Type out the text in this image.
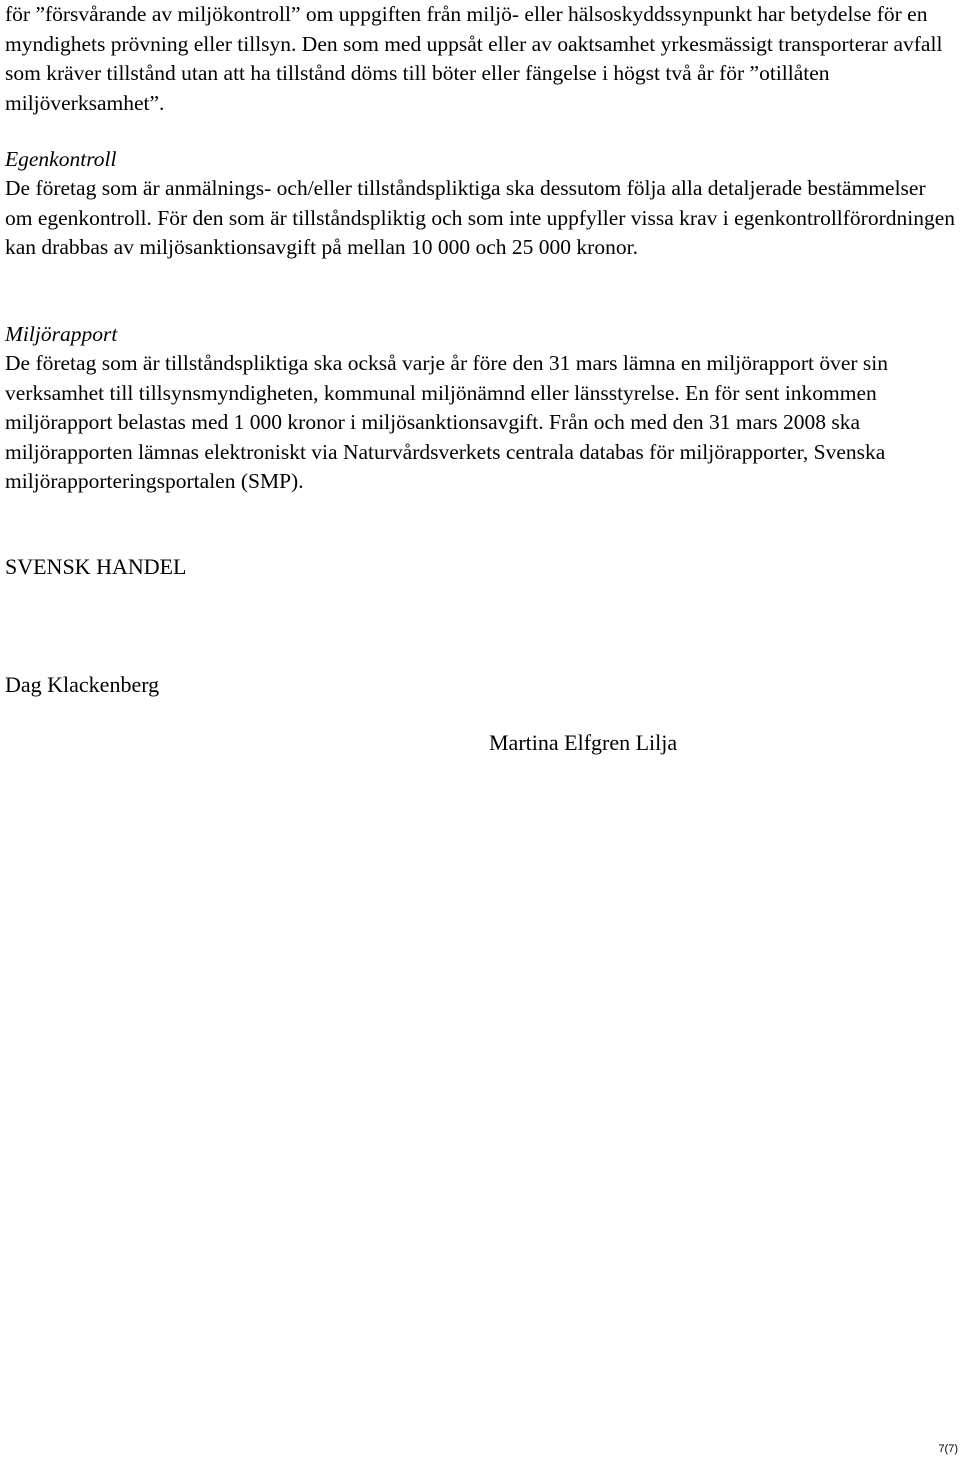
för ”försvårande av miljökontroll” om uppgiften från miljö- eller hälsoskyddssynpunkt har betydelse för en myndighets prövning eller tillsyn. Den som med uppsåt eller av oaktsamhet yrkesmässigt transporterar avfall som kräver tillstånd utan att ha tillstånd döms till böter eller fängelse i högst två år för ”otillåten miljöverksamhet”.

Egenkontroll

De företag som är anmälnings- och/eller tillståndspliktiga ska dessutom följa alla detaljerade bestämmelser om egenkontroll. För den som är tillståndspliktig och som inte uppfyller vissa krav i egenkontrollförordningen kan drabbas av miljösanktionsavgift på mellan 10 000 och 25 000 kronor.

Miljörapport

De företag som är tillståndspliktiga ska också varje år före den 31 mars lämna en miljörapport över sin verksamhet till tillsynsmyndigheten, kommunal miljönämnd eller länsstyrelse. En för sent inkommen miljörapport belastas med 1 000 kronor i miljösanktionsavgift. Från och med den 31 mars 2008 ska miljörapporten lämnas elektroniskt via Naturvårdsverkets centrala databas för miljörapporter, Svenska miljörapporteringsportalen (SMP).

SVENSK HANDEL
Dag Klackenberg
Martina Elfgren Lilja
7(7)
